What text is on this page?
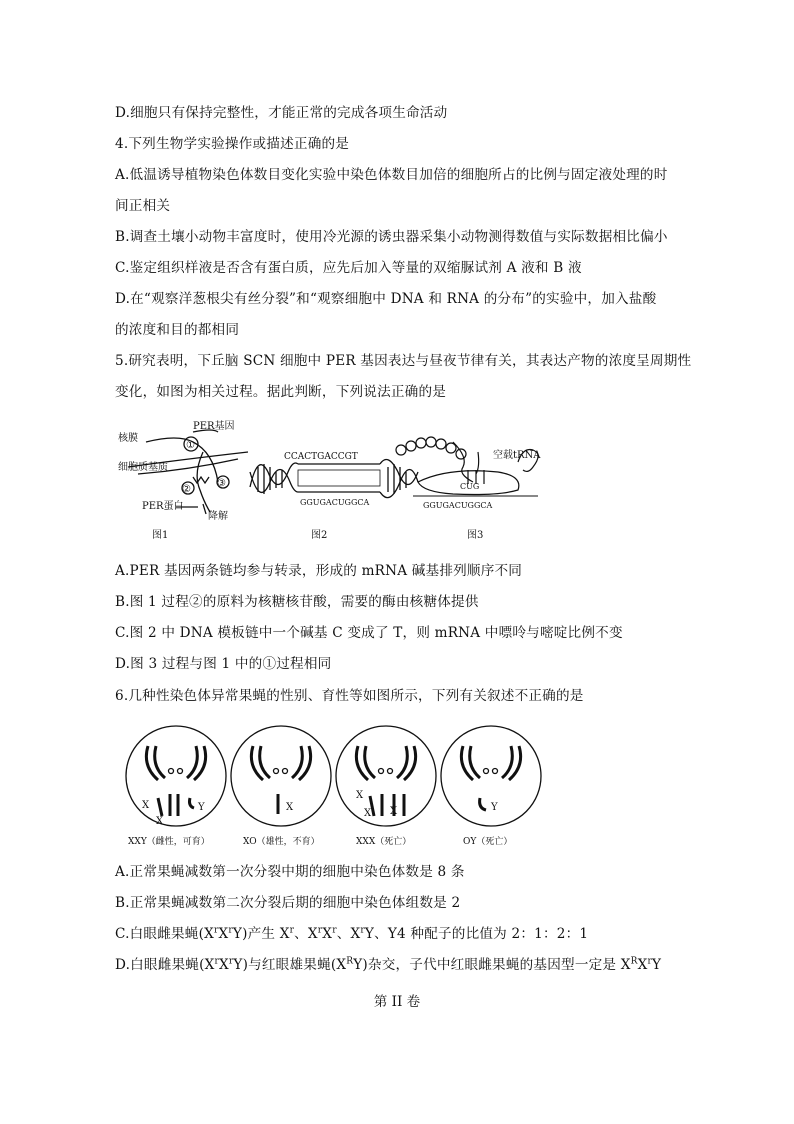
D.细胞只有保持完整性，才能正常的完成各项生命活动
4.下列生物学实验操作或描述正确的是
A.低温诱导植物染色体数目变化实验中染色体数目加倍的细胞所占的比例与固定液处理的时
间正相关
B.调查土壤小动物丰富度时，使用冷光源的诱虫器采集小动物测得数值与实际数据相比偏小
C.鉴定组织样液是否含有蛋白质，应先后加入等量的双缩脲试剂 A 液和 B 液
D.在“观察洋葱根尖有丝分裂”和“观察细胞中 DNA 和 RNA 的分布”的实验中，加入盐酸
的浓度和目的都相同
5.研究表明，下丘脑 SCN 细胞中 PER 基因表达与昼夜节律有关，其表达产物的浓度呈周期性
变化，如图为相关过程。据此判断，下列说法正确的是
PER基因
核膜
细胞质基质
PER蛋白
降解
①
②
③
图1
CCACTGACCGT
GGUGACUGGCA
图2
空载tRNA
CUG
GGUGACUGGCA
图3
A.PER 基因两条链均参与转录，形成的 mRNA 碱基排列顺序不同
B.图 1 过程②的原料为核糖核苷酸，需要的酶由核糖体提供
C.图 2 中 DNA 模板链中一个碱基 C 变成了 T，则 mRNA 中嘌呤与嘧啶比例不变
D.图 3 过程与图 1 中的①过程相同
6.几种性染色体异常果蝇的性别、育性等如图所示，下列有关叙述不正确的是
X
X
Y	X
X
X X	Y
XXY（雌性，可育）	XO（雄性，不育）	XXX（死亡）	OY（死亡）
A.正常果蝇减数第一次分裂中期的细胞中染色体数是 8 条
B.正常果蝇减数第二次分裂后期的细胞中染色体组数是 2
C.白眼雌果蝇$(X^rX^rY)$产生 $X^r$、$X^rX^r$、$X^rY$、Y4 种配子的比值为 2：1：2：1
D.白眼雌果蝇$(X^rX^rY)$与红眼雄果蝇$(X^RY)$杂交，子代中红眼雌果蝇的基因型一定是 $X^RX^rY$
第 II 卷
